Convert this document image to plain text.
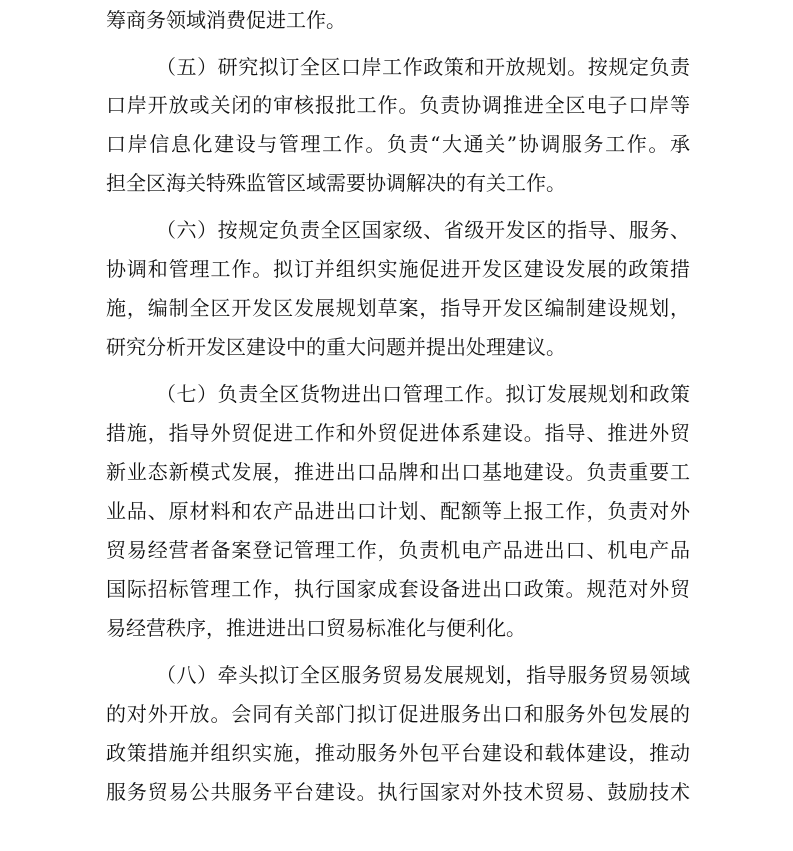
筹商务领域消费促进工作。
（五）研究拟订全区口岸工作政策和开放规划。按规定负责
口岸开放或关闭的审核报批工作。负责协调推进全区电子口岸等
口岸信息化建设与管理工作。负责“大通关”协调服务工作。承
担全区海关特殊监管区域需要协调解决的有关工作。
（六）按规定负责全区国家级、省级开发区的指导、服务、
协调和管理工作。拟订并组织实施促进开发区建设发展的政策措
施，编制全区开发区发展规划草案，指导开发区编制建设规划，
研究分析开发区建设中的重大问题并提出处理建议。
（七）负责全区货物进出口管理工作。拟订发展规划和政策
措施，指导外贸促进工作和外贸促进体系建设。指导、推进外贸
新业态新模式发展，推进出口品牌和出口基地建设。负责重要工
业品、原材料和农产品进出口计划、配额等上报工作，负责对外
贸易经营者备案登记管理工作，负责机电产品进出口、机电产品
国际招标管理工作，执行国家成套设备进出口政策。规范对外贸
易经营秩序，推进进出口贸易标准化与便利化。
（八）牵头拟订全区服务贸易发展规划，指导服务贸易领域
的对外开放。会同有关部门拟订促进服务出口和服务外包发展的
政策措施并组织实施，推动服务外包平台建设和载体建设，推动
服务贸易公共服务平台建设。执行国家对外技术贸易、鼓励技术
